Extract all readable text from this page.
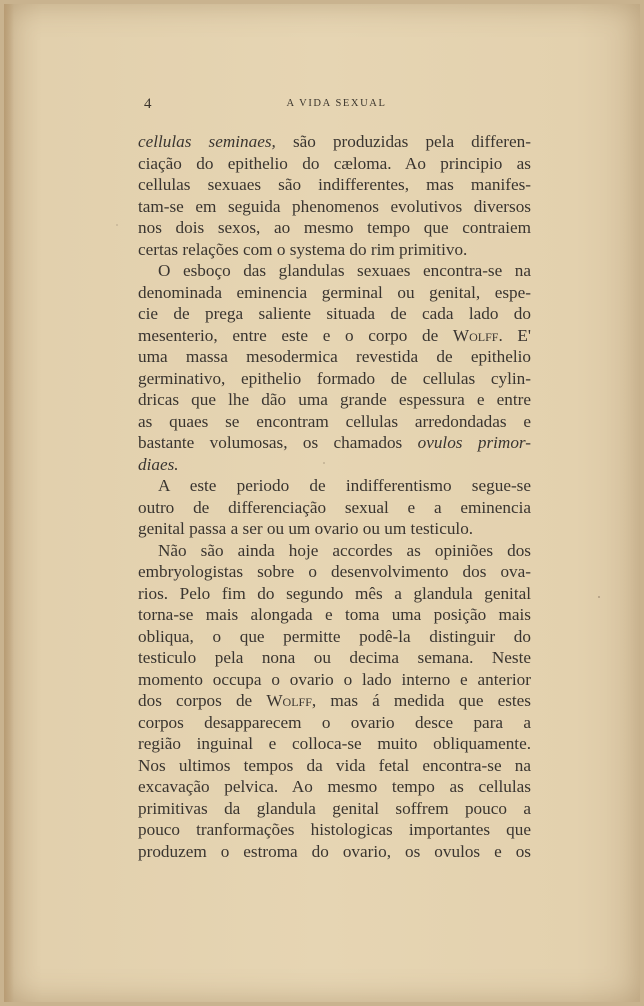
4	A VIDA SEXUAL
cellulas seminaes, são produzidas pela differen-
ciação do epithelio do cæloma. Ao principio as
cellulas sexuaes são indifferentes, mas manifes-
tam-se em seguida phenomenos evolutivos diversos
nos dois sexos, ao mesmo tempo que contraiem
certas relações com o systema do rim primitivo.
O esboço das glandulas sexuaes encontra-se na
denominada eminencia germinal ou genital, espe-
cie de prega saliente situada de cada lado do
mesenterio, entre este e o corpo de Wolff. E'
uma massa mesodermica revestida de epithelio
germinativo, epithelio formado de cellulas cylin-
dricas que lhe dão uma grande espessura e entre
as quaes se encontram cellulas arredondadas e
bastante volumosas, os chamados ovulos primor-
diaes.
A este periodo de indifferentismo segue-se
outro de differenciação sexual e a eminencia
genital passa a ser ou um ovario ou um testiculo.
Não são ainda hoje accordes as opiniões dos
embryologistas sobre o desenvolvimento dos ova-
rios. Pelo fim do segundo mês a glandula genital
torna-se mais alongada e toma uma posição mais
obliqua, o que permitte podê-la distinguir do
testiculo pela nona ou decima semana. Neste
momento occupa o ovario o lado interno e anterior
dos corpos de Wolff, mas á medida que estes
corpos desapparecem o ovario desce para a
região inguinal e colloca-se muito obliquamente.
Nos ultimos tempos da vida fetal encontra-se na
excavação pelvica. Ao mesmo tempo as cellulas
primitivas da glandula genital soffrem pouco a
pouco tranformações histologicas importantes que
produzem o estroma do ovario, os ovulos e os
